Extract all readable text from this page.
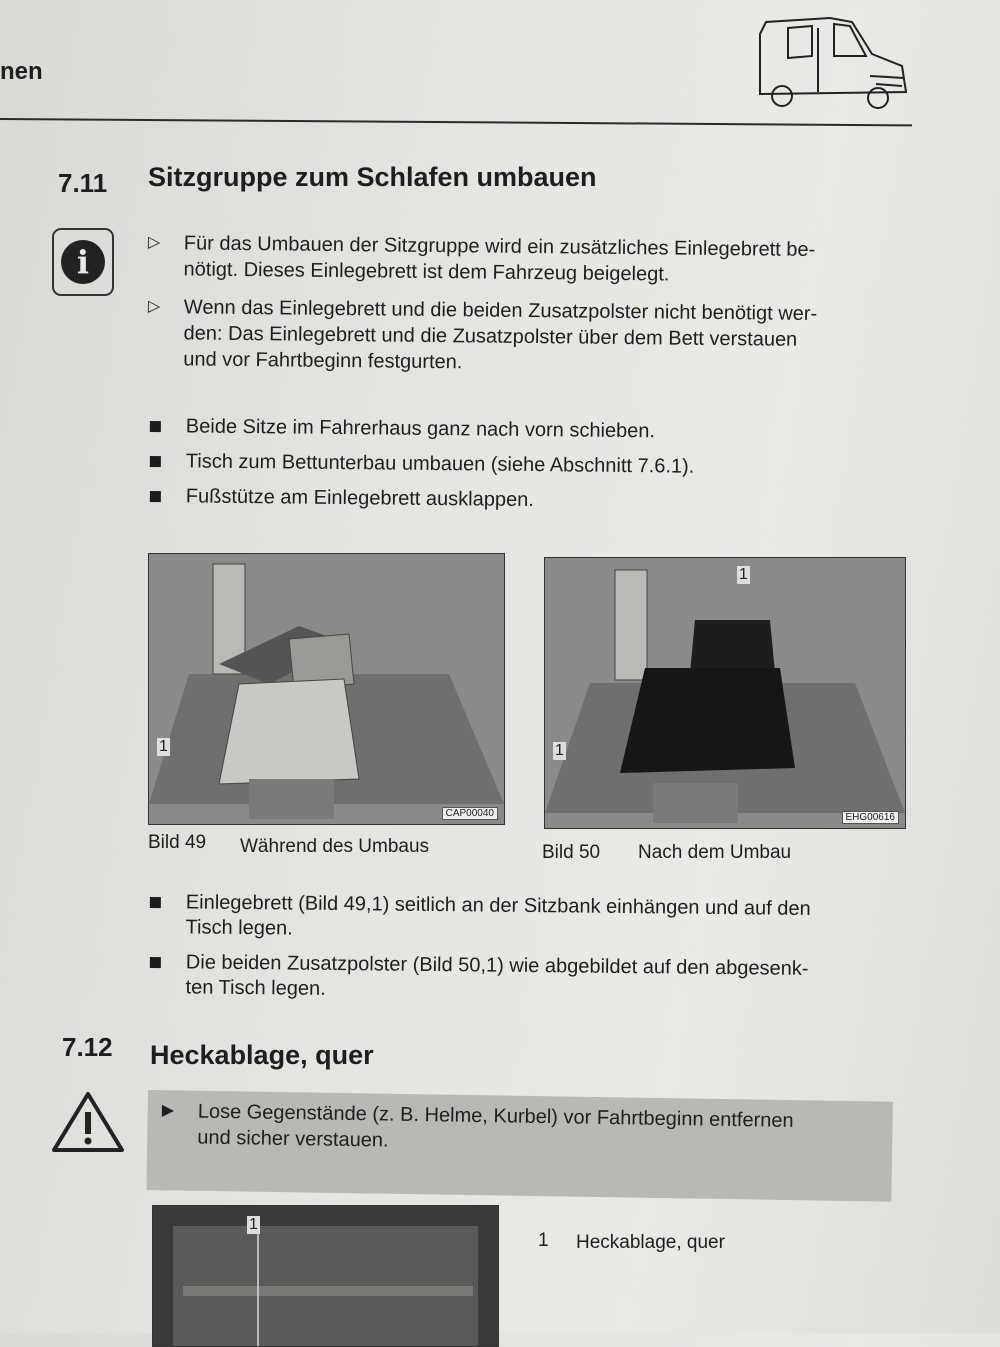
nen
7.11 Sitzgruppe zum Schlafen umbauen
i
▷ Für das Umbauen der Sitzgruppe wird ein zusätzliches Einlegebrett be-
nötigt. Dieses Einlegebrett ist dem Fahrzeug beigelegt.
▷ Wenn das Einlegebrett und die beiden Zusatzpolster nicht benötigt wer-
den: Das Einlegebrett und die Zusatzpolster über dem Bett verstauen
und vor Fahrtbeginn festgurten.
Beide Sitze im Fahrerhaus ganz nach vorn schieben.
Tisch zum Bettunterbau umbauen (siehe Abschnitt 7.6.1).
Fußstütze am Einlegebrett ausklappen.
1
CAP00040
Bild 49 Während des Umbaus
1
1
EHG00616
Bild 50 Nach dem Umbau
Einlegebrett (Bild 49,1) seitlich an der Sitzbank einhängen und auf den
Tisch legen.
Die beiden Zusatzpolster (Bild 50,1) wie abgebildet auf den abgesenk-
ten Tisch legen.
7.12 Heckablage, quer
▶ Lose Gegenstände (z. B. Helme, Kurbel) vor Fahrtbeginn entfernen
und sicher verstauen.
1
1 Heckablage, quer
